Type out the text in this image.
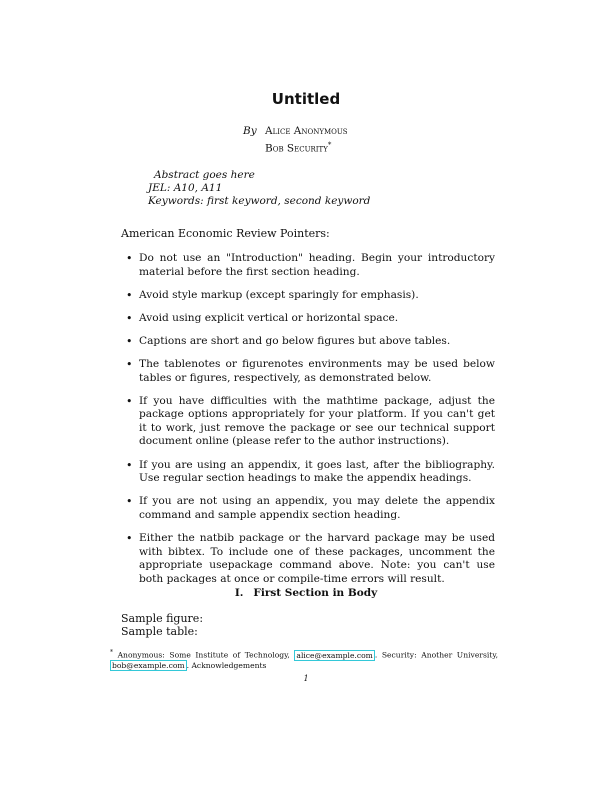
Untitled
By Alice Anonymous
Bob Security*
Abstract goes here
JEL: A10, A11
Keywords: first keyword, second keyword
American Economic Review Pointers:
• Do not use an "Introduction" heading. Begin your introductory material before the first section heading.
• Avoid style markup (except sparingly for emphasis).
• Avoid using explicit vertical or horizontal space.
• Captions are short and go below figures but above tables.
• The tablenotes or figurenotes environments may be used below tables or figures, respectively, as demonstrated below.
• If you have difficulties with the mathtime package, adjust the package options appropriately for your platform. If you can't get it to work, just remove the package or see our technical support document online (please refer to the author instructions).
• If you are using an appendix, it goes last, after the bibliography. Use regular section headings to make the appendix headings.
• If you are not using an appendix, you may delete the appendix command and sample appendix section heading.
• Either the natbib package or the harvard package may be used with bibtex. To include one of these packages, uncomment the appropriate usepackage command above. Note: you can't use both packages at once or compile-time errors will result.
I. First Section in Body
Sample figure:
Sample table:
* Anonymous: Some Institute of Technology, alice@example.com . Security: Another University, bob@example.com . Acknowledgements
1
